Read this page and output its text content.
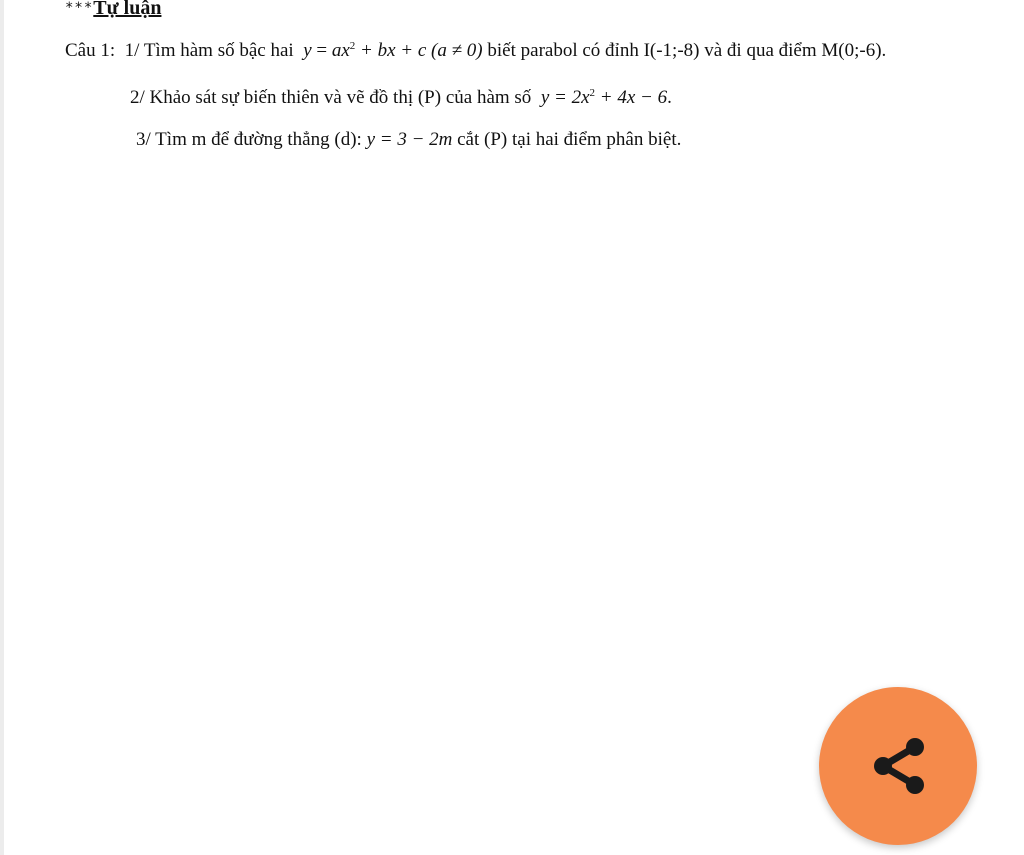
***Tự luận
Câu 1: 1/ Tìm hàm số bậc hai $y = ax^2$ + bx + c (a ≠ 0) biết parabol có đỉnh I(-1;-8) và đi qua điểm M(0;-6).
2/ Khảo sát sự biến thiên và vẽ đồ thị (P) của hàm số $y = 2x^2 + 4x - 6$.
3/ Tìm m để đường thẳng (d): y = 3 − 2m cắt (P) tại hai điểm phân biệt.
